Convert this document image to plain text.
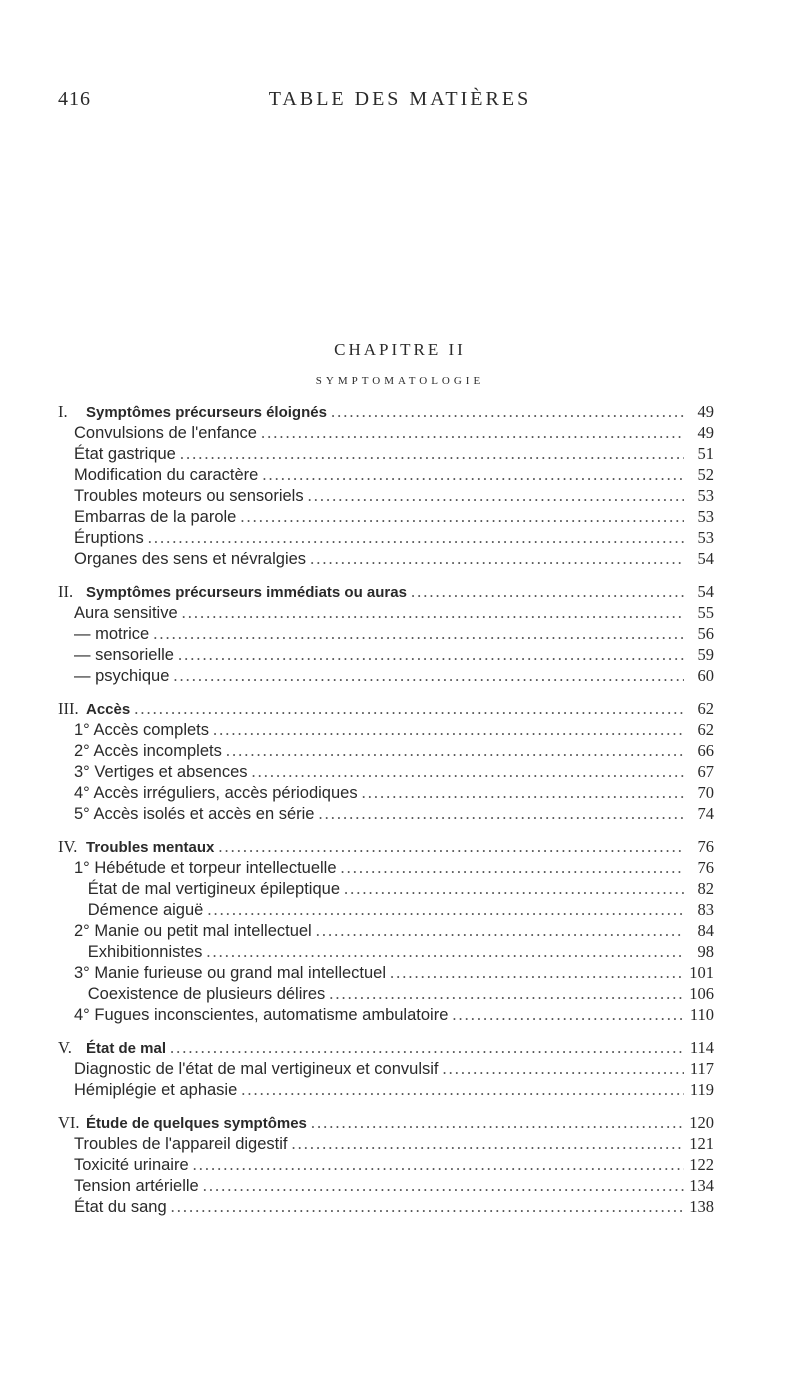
416	TABLE DES MATIÈRES
CHAPITRE II
SYMPTOMATOLOGIE
I.	Symptômes précurseurs éloignés .....	49
Convulsions de l'enfance .....	49
État gastrique .....	51
Modification du caractère .....	52
Troubles moteurs ou sensoriels .....	53
Embarras de la parole .....	53
Éruptions .....	53
Organes des sens et névralgies .....	54
II. Symptômes précurseurs immédiats ou auras .....	54
Aura sensitive .....	55
— motrice .....	56
— sensorielle .....	59
— psychique .....	60
III. Accès .....	62
1° Accès complets .....	62
2° Accès incomplets .....	66
3° Vertiges et absences .....	67
4° Accès irréguliers, accès périodiques .....	70
5° Accès isolés et accès en série .....	74
IV. Troubles mentaux .....	76
1° Hébétude et torpeur intellectuelle .....	76
État de mal vertigineux épileptique .....	82
Démence aiguë .....	83
2° Manie ou petit mal intellectuel .....	84
Exhibitionnistes .....	98
3° Manie furieuse ou grand mal intellectuel .....	101
Coexistence de plusieurs délires .....	106
4° Fugues inconscientes, automatisme ambulatoire .....	110
V. État de mal .....	114
Diagnostic de l'état de mal vertigineux et convulsif .....	117
Hémiplégie et aphasie .....	119
VI. Étude de quelques symptômes .....	120
Troubles de l'appareil digestif .....	121
Toxicité urinaire .....	122
Tension artérielle .....	134
État du sang .....	138
